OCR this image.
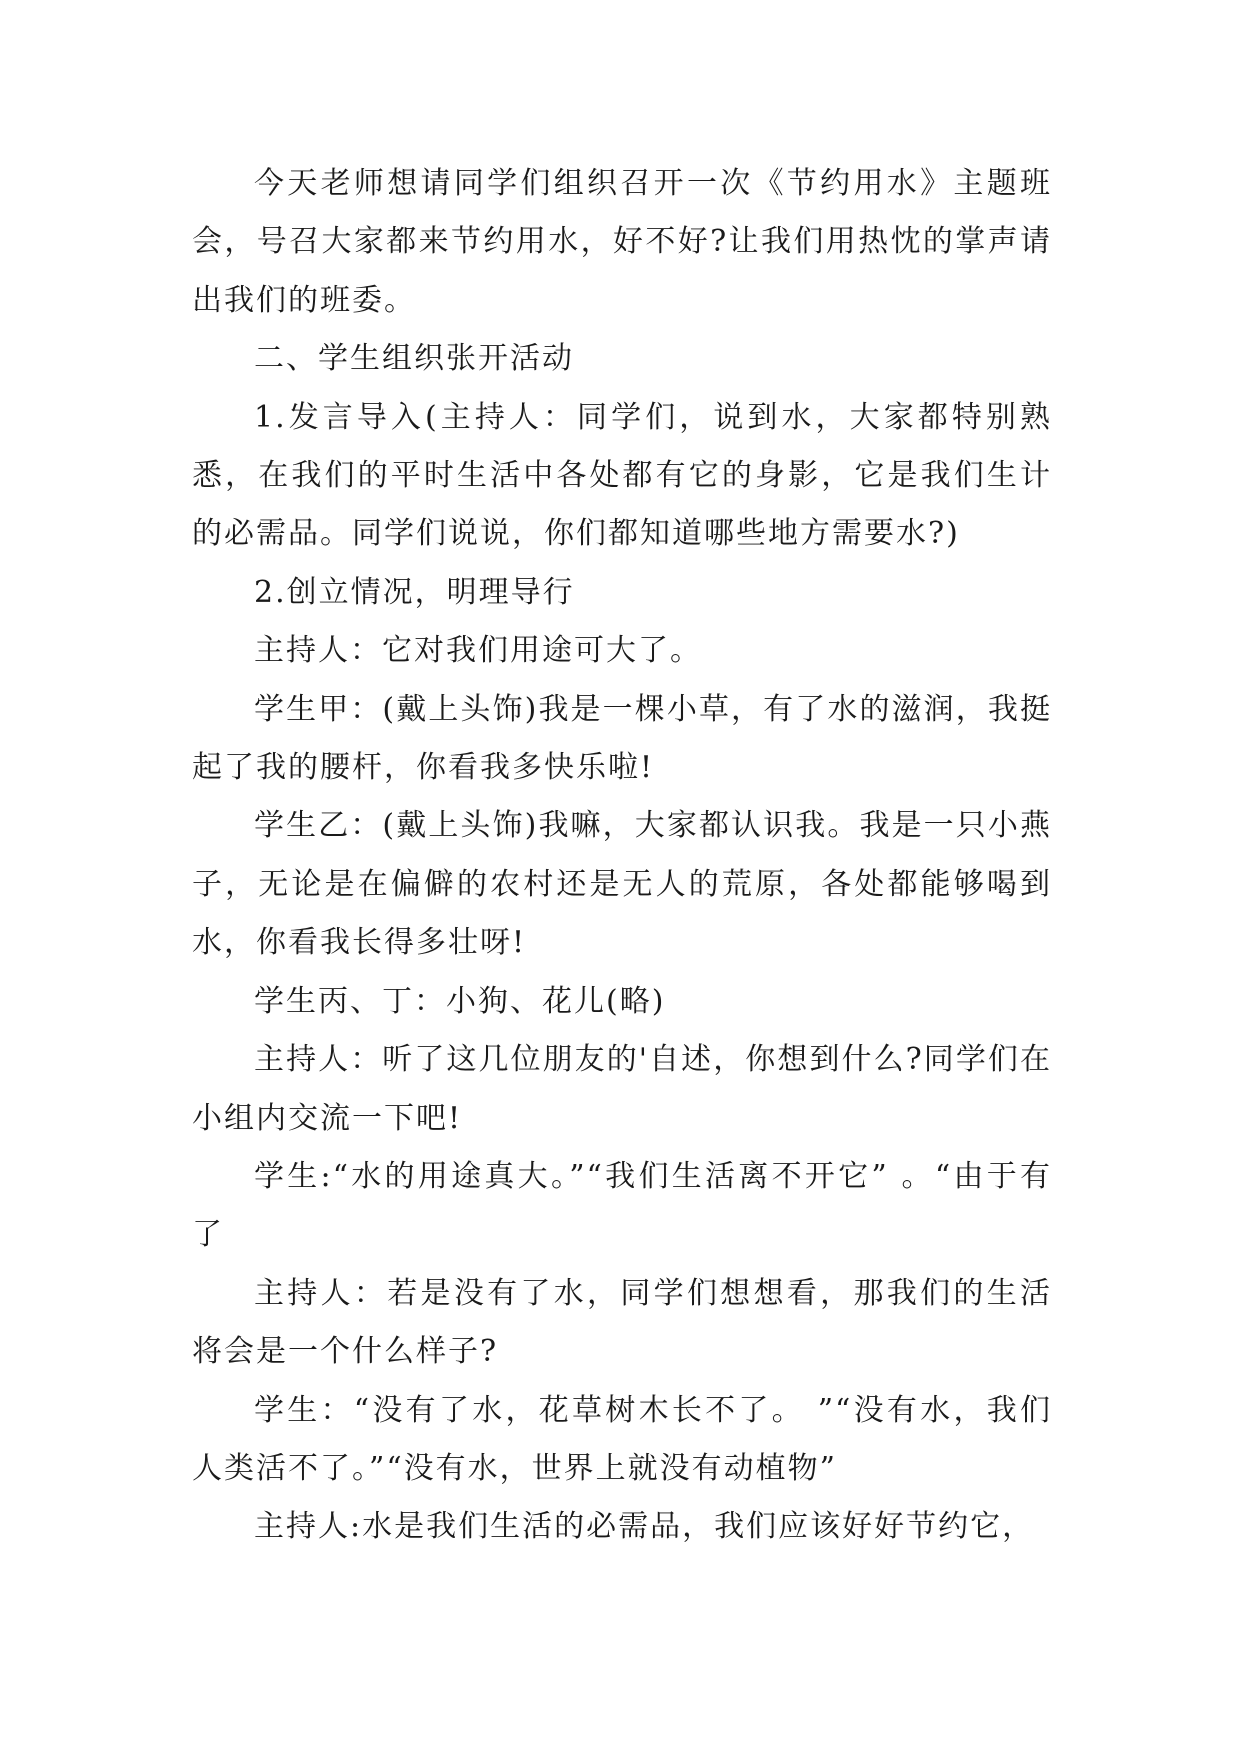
今天老师想请同学们组织召开一次《节约用水》主题班会，号召大家都来节约用水，好不好?让我们用热忱的掌声请出我们的班委。

二、学生组织张开活动

1.发言导入(主持人：同学们，说到水，大家都特别熟悉，在我们的平时生活中各处都有它的身影，它是我们生计的必需品。同学们说说，你们都知道哪些地方需要水?)

2.创立情况，明理导行

主持人：它对我们用途可大了。

学生甲：(戴上头饰)我是一棵小草，有了水的滋润，我挺起了我的腰杆，你看我多快乐啦!

学生乙：(戴上头饰)我嘛，大家都认识我。我是一只小燕子，无论是在偏僻的农村还是无人的荒原，各处都能够喝到水，你看我长得多壮呀!

学生丙、丁：小狗、花儿(略)

主持人：听了这几位朋友的'自述，你想到什么?同学们在小组内交流一下吧!

学生:“水的用途真大。”“我们生活离不开它” 。“由于有了

主持人：若是没有了水，同学们想想看，那我们的生活将会是一个什么样子?

学生：“没有了水，花草树木长不了。 ”“没有水，我们人类活不了。”“没有水，世界上就没有动植物”

主持人:水是我们生活的必需品，我们应该好好节约它，
